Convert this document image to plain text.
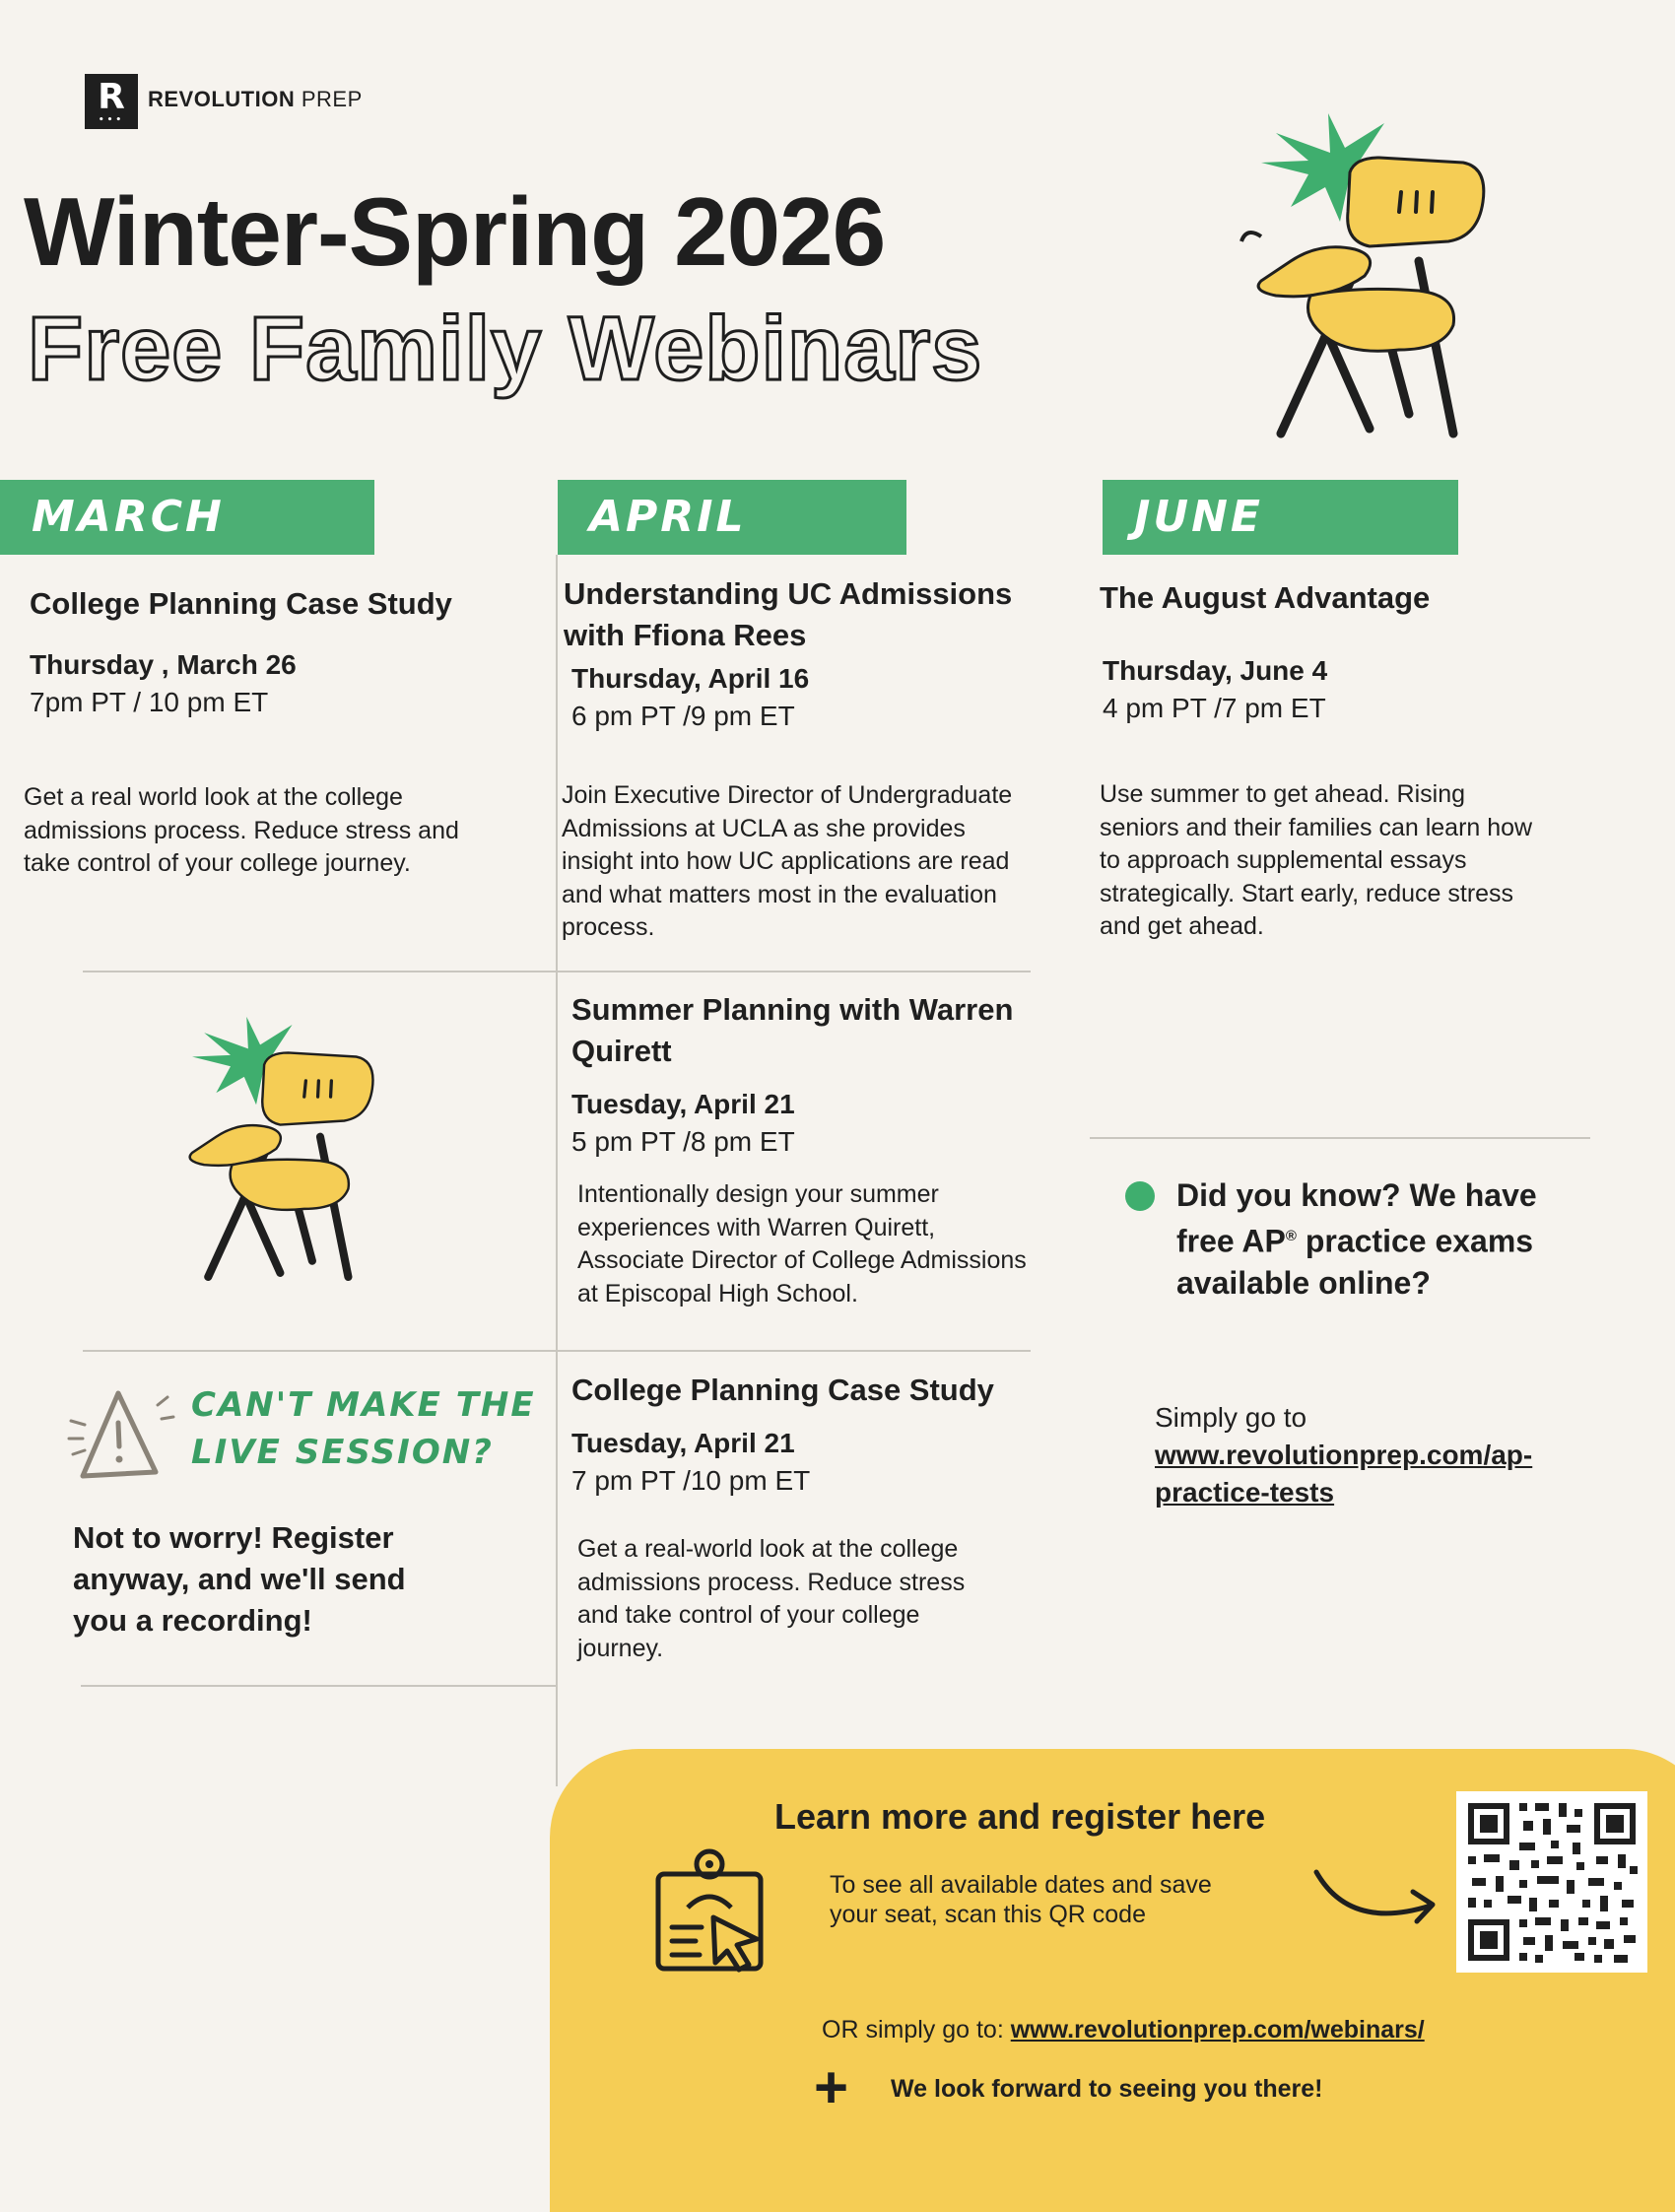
R
•••
REVOLUTION PREP
Winter-Spring 2026
Free Family Webinars
MARCH	APRIL	JUNE
College Planning Case Study
Thursday , March 26
7pm PT / 10 pm ET
Get a real world look at the college admissions process. Reduce stress and take control of your college journey.
Understanding UC Admissions with Ffiona Rees
Thursday, April 16
6 pm PT /9 pm ET
Join Executive Director of Undergraduate Admissions at UCLA as she provides insight into how UC applications are read and what matters most in the evaluation process.
Summer Planning with Warren Quirett
Tuesday, April 21
5 pm PT /8 pm ET
Intentionally design your summer experiences with Warren Quirett, Associate Director of College Admissions at Episcopal High School.
College Planning Case Study
Tuesday, April 21
7 pm PT /10 pm ET
Get a real-world look at the college admissions process. Reduce stress and take control of your college journey.
The August Advantage
Thursday, June 4
4 pm PT /7 pm ET
Use summer to get ahead. Rising seniors and their families can learn how to approach supplemental essays strategically. Start early, reduce stress and get ahead.
CAN'T MAKE THE
LIVE SESSION?
Not to worry! Register anyway, and we'll send you a recording!
Did you know? We have free AP® practice exams available online?
Simply go to
www.revolutionprep.com/ap-practice-tests
Learn more and register here
To see all available dates and save your seat, scan this QR code
OR simply go to: www.revolutionprep.com/webinars/
+ We look forward to seeing you there!
